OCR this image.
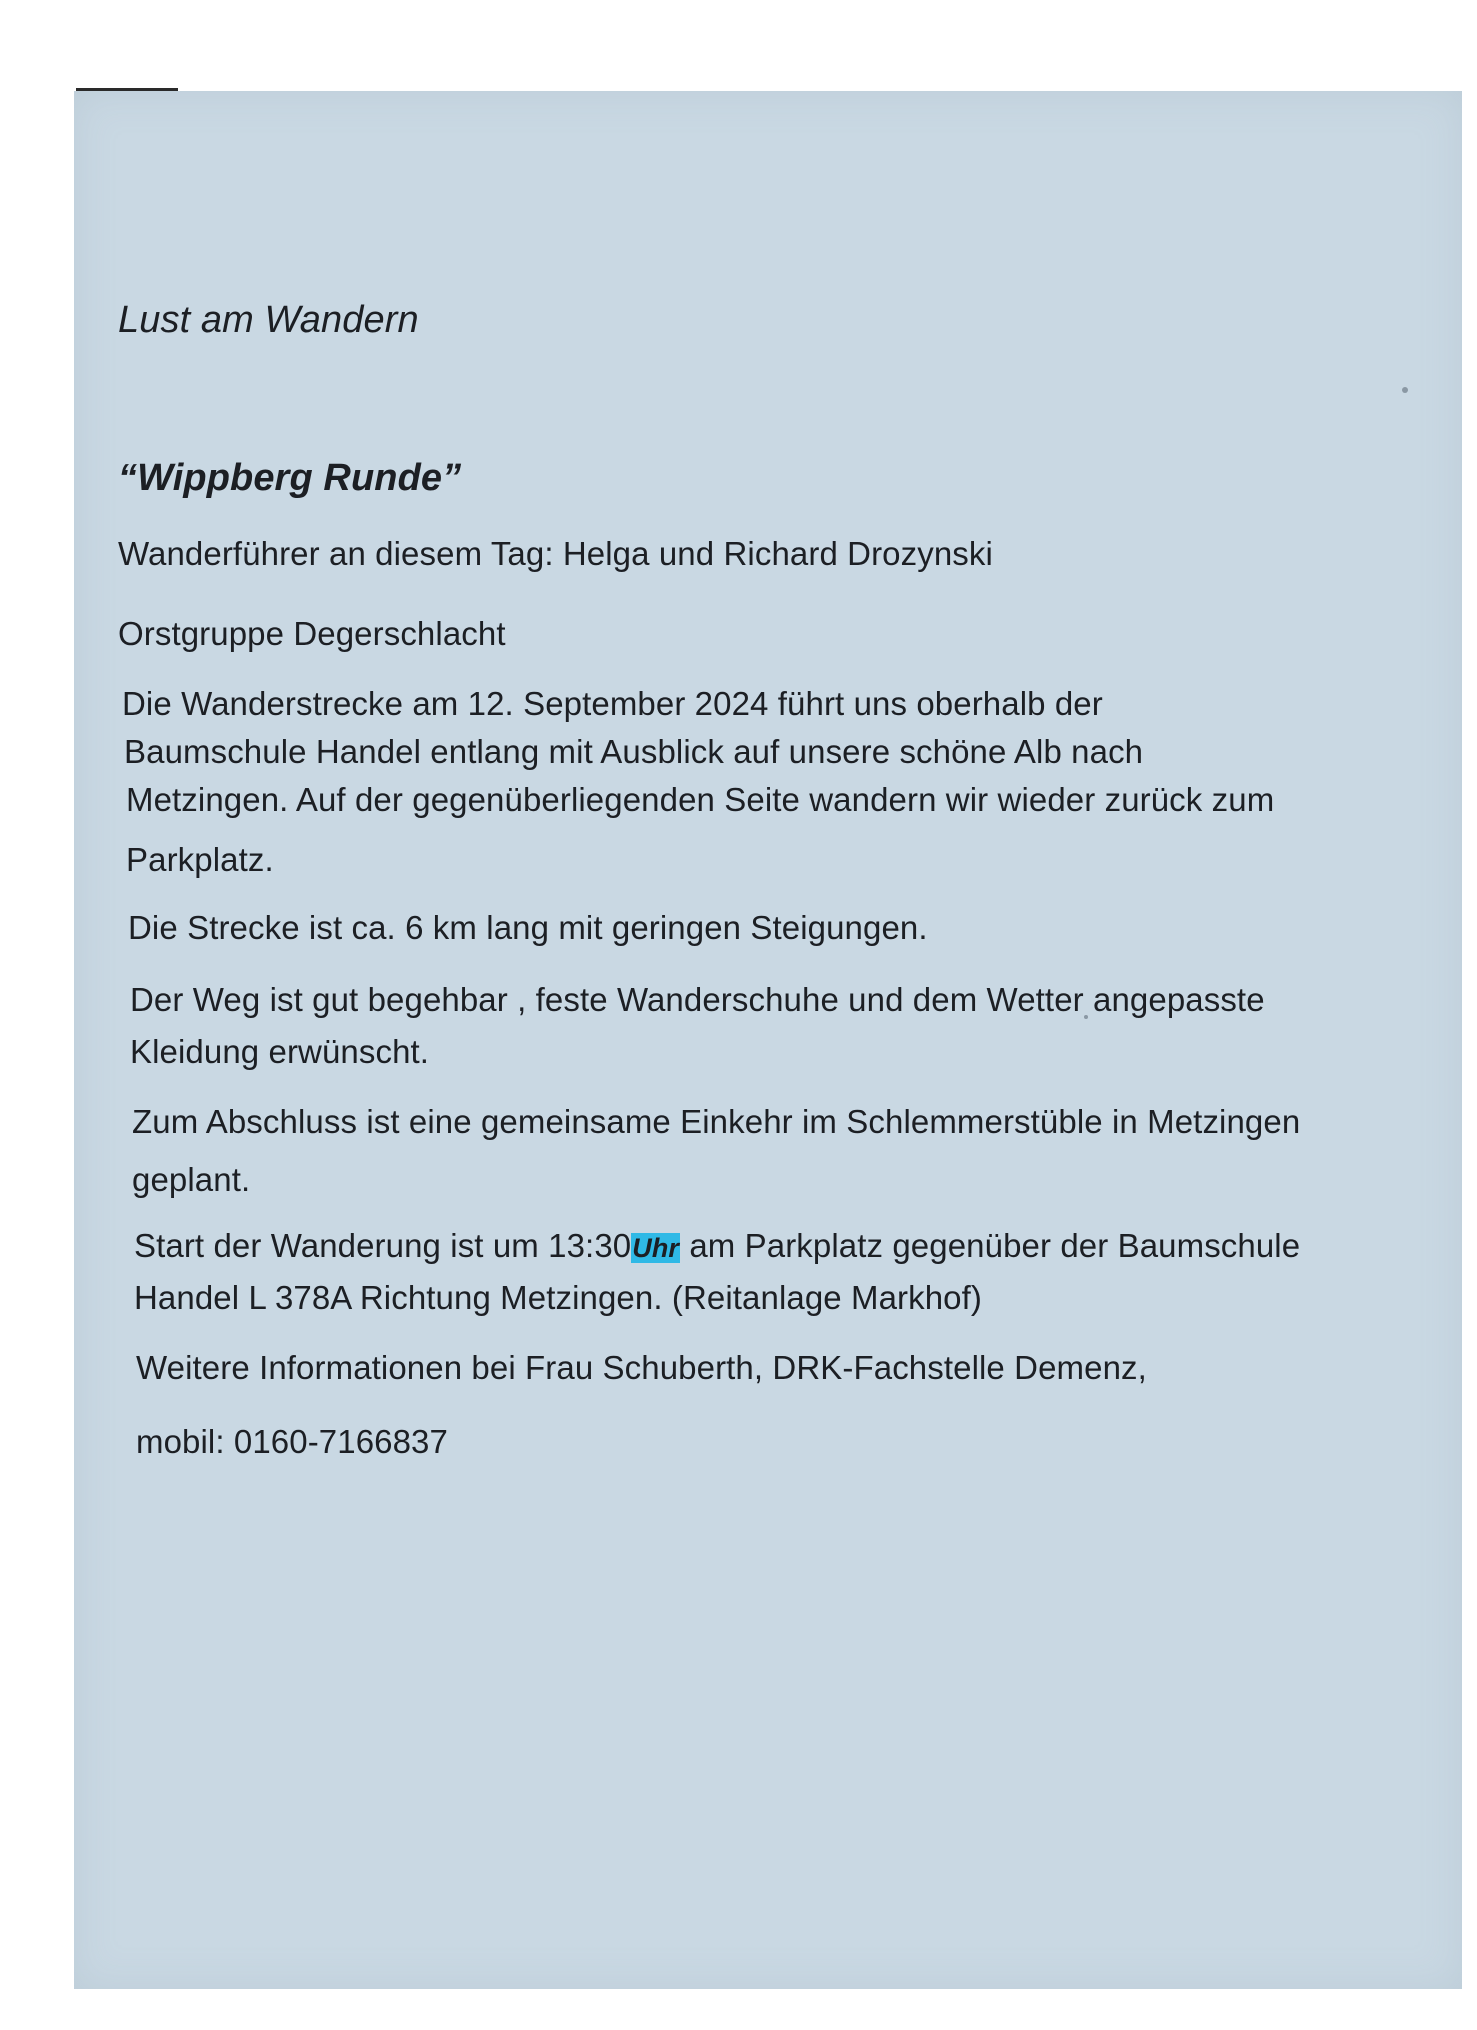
Lust am Wandern
“Wippberg Runde”
Wanderführer an diesem Tag: Helga und Richard Drozynski
Orstgruppe Degerschlacht
Die Wanderstrecke am 12. September 2024 führt uns oberhalb der
Baumschule Handel entlang mit Ausblick auf unsere schöne Alb nach
Metzingen. Auf der gegenüberliegenden Seite wandern wir wieder zurück zum
Parkplatz.
Die Strecke ist ca. 6 km lang mit geringen Steigungen.
Der Weg ist gut begehbar , feste Wanderschuhe und dem Wetter angepasste
Kleidung erwünscht.
Zum Abschluss ist eine gemeinsame Einkehr im Schlemmerstüble in Metzingen
geplant.
Start der Wanderung ist um 13:30Uhr am Parkplatz gegenüber der Baumschule
Handel L 378A Richtung Metzingen. (Reitanlage Markhof)
Weitere Informationen bei Frau Schuberth, DRK-Fachstelle Demenz,
mobil: 0160-7166837
